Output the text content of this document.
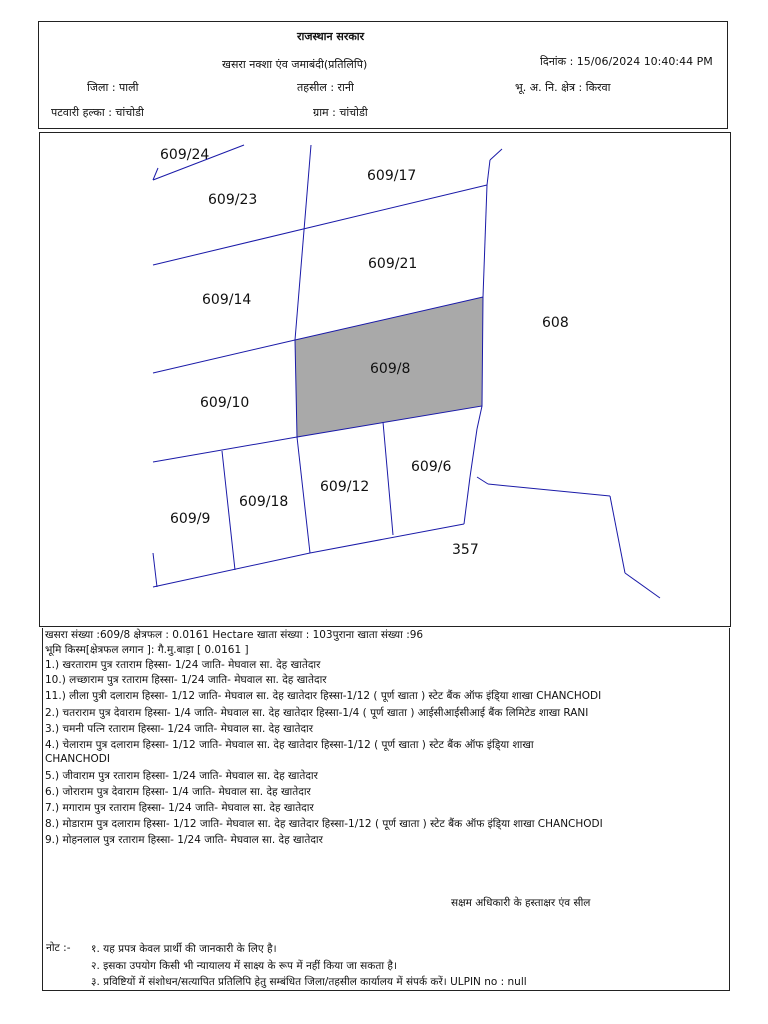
राजस्थान सरकार
खसरा नक्शा एंव जमाबंदी(प्रतिलिपि)	दिनांक : 15/06/2024 10:40:44 PM
जिला : पाली	तहसील : रानी	भू. अ. नि. क्षेत्र : किरवा
पटवारी हल्का : चांचोडी	ग्राम : चांचोडी
609/24
609/23
609/17
609/21
609/14
608
609/8
609/10
609/6
609/12
609/18
609/9
357
खसरा संख्या :609/8 क्षेत्रफल : 0.0161 Hectare खाता संख्या : 103पुराना खाता संख्या :96
भूमि किस्म[क्षेत्रफल लगान ]: गै.मु.बाड़ा [ 0.0161 ]
1.) खरताराम पुत्र रताराम हिस्सा- 1/24 जाति- मेघवाल सा. देह खातेदार
10.) लच्छाराम पुत्र रताराम हिस्सा- 1/24 जाति- मेघवाल सा. देह खातेदार
11.) लीला पुत्री दलाराम हिस्सा- 1/12 जाति- मेघवाल सा. देह खातेदार हिस्सा-1/12 ( पूर्ण खाता ) स्टेट बैंक ऑफ इंडि्या शाखा CHANCHODI
2.) चतराराम पुत्र देवाराम हिस्सा- 1/4 जाति- मेघवाल सा. देह खातेदार हिस्सा-1/4 ( पूर्ण खाता ) आईसीआईसीआई बैंक लिमिटेड शाखा RANI
3.) चमनी पत्नि रताराम हिस्सा- 1/24 जाति- मेघवाल सा. देह खातेदार
4.) चेलाराम पुत्र दलाराम हिस्सा- 1/12 जाति- मेघवाल सा. देह खातेदार हिस्सा-1/12 ( पूर्ण खाता ) स्टेट बैंक ऑफ इंडि्या शाखा
CHANCHODI
5.) जीवाराम पुत्र रताराम हिस्सा- 1/24 जाति- मेघवाल सा. देह खातेदार
6.) जोराराम पुत्र देवाराम हिस्सा- 1/4 जाति- मेघवाल सा. देह खातेदार
7.) मगाराम पुत्र रताराम हिस्सा- 1/24 जाति- मेघवाल सा. देह खातेदार
8.) मोडाराम पुत्र दलाराम हिस्सा- 1/12 जाति- मेघवाल सा. देह खातेदार हिस्सा-1/12 ( पूर्ण खाता ) स्टेट बैंक ऑफ इंडि्या शाखा CHANCHODI
9.) मोहनलाल पुत्र रताराम हिस्सा- 1/24 जाति- मेघवाल सा. देह खातेदार
सक्षम अधिकारी के हस्ताक्षर एंव सील
नोट :- १. यह प्रपत्र केवल प्रार्थी की जानकारी के लिए है।
२. इसका उपयोग किसी भी न्यायालय में साक्ष्य के रूप में नहीं किया जा सकता है।
३. प्रविष्टियों में संशोधन/सत्यापित प्रतिलिपि हेतु सम्बंधित जिला/तहसील कार्यालय में संपर्क करें। ULPIN no : null
